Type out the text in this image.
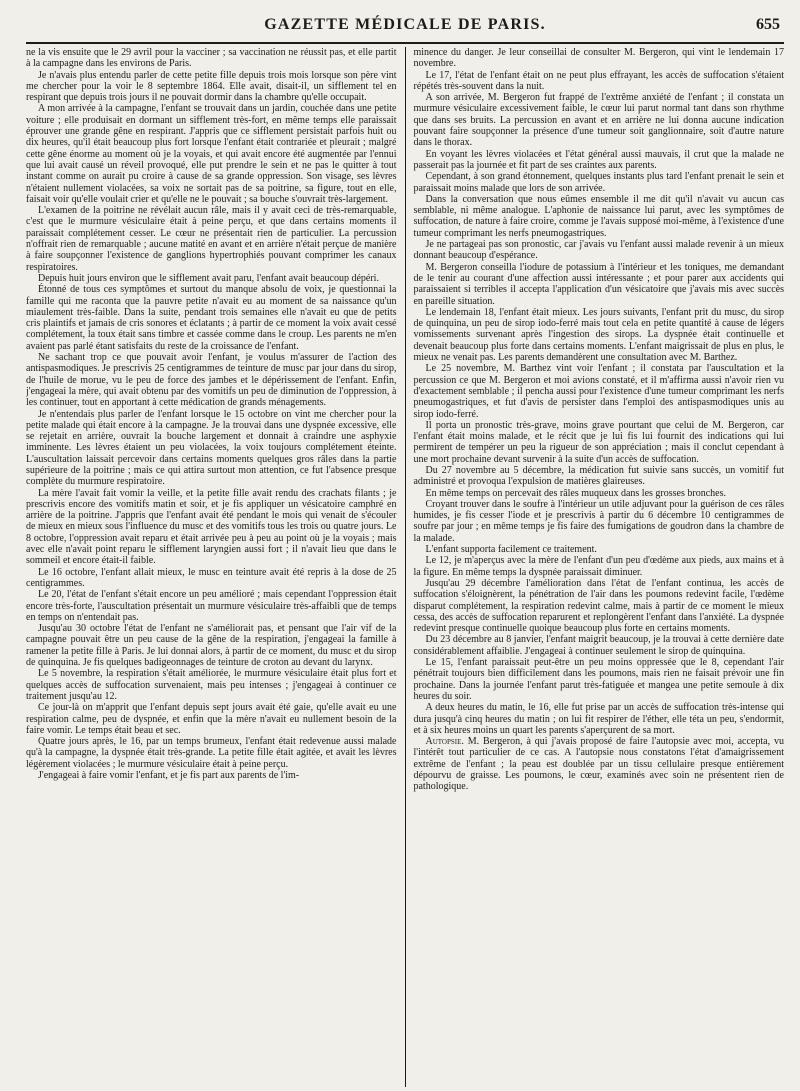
GAZETTE MÉDICALE DE PARIS.	655

ne la vis ensuite que le 29 avril pour la vacciner ; sa vaccination ne réussit pas, et elle partit à la campagne dans les environs de Paris.

Je n'avais plus entendu parler de cette petite fille depuis trois mois lorsque son père vint me chercher pour la voir le 8 septembre 1864. Elle avait, disait-il, un sifflement tel en respirant que depuis trois jours il ne pouvait dormir dans la chambre qu'elle occupait.

A mon arrivée à la campagne, l'enfant se trouvait dans un jardin, couchée dans une petite voiture ; elle produisait en dormant un sifflement très-fort, en même temps elle paraissait éprouver une grande gêne en respirant. J'appris que ce sifflement persistait parfois huit ou dix heures, qu'il était beaucoup plus fort lorsque l'enfant était contrariée et pleurait ; malgré cette gêne énorme au moment où je la voyais, et qui avait encore été augmentée par l'ennui que lui avait causé un réveil provoqué, elle put prendre le sein et ne pas le quitter à tout instant comme on aurait pu croire à cause de sa grande oppression. Son visage, ses lèvres n'étaient nullement violacées, sa voix ne sortait pas de sa poitrine, sa figure, tout en elle, faisait voir qu'elle voulait crier et qu'elle ne le pouvait ; sa bouche s'ouvrait très-largement.

L'examen de la poitrine ne révélait aucun râle, mais il y avait ceci de très-remarquable, c'est que le murmure vésiculaire était à peine perçu, et que dans certains moments il paraissait complétement cesser. Le cœur ne présentait rien de particulier. La percussion n'offrait rien de remarquable ; aucune matité en avant et en arrière n'était perçue de manière à faire soupçonner l'existence de ganglions hypertrophiés pouvant comprimer les canaux respiratoires.

Depuis huit jours environ que le sifflement avait paru, l'enfant avait beaucoup dépéri.

Étonné de tous ces symptômes et surtout du manque absolu de voix, je questionnai la famille qui me raconta que la pauvre petite n'avait eu au moment de sa naissance qu'un miaulement très-faible. Dans la suite, pendant trois semaines elle n'avait eu que de petits cris plaintifs et jamais de cris sonores et éclatants ; à partir de ce moment la voix avait cessé complétement, la toux était sans timbre et cassée comme dans le croup. Les parents ne m'en avaient pas parlé étant satisfaits du reste de la croissance de l'enfant.

Ne sachant trop ce que pouvait avoir l'enfant, je voulus m'assurer de l'action des antispasmodiques. Je prescrivis 25 centigrammes de teinture de musc par jour dans du sirop, de l'huile de morue, vu le peu de force des jambes et le dépérissement de l'enfant. Enfin, j'engageai la mère, qui avait obtenu par des vomitifs un peu de diminution de l'oppression, à les continuer, tout en apportant à cette médication de grands ménagements.

Je n'entendais plus parler de l'enfant lorsque le 15 octobre on vint me chercher pour la petite malade qui était encore à la campagne. Je la trouvai dans une dyspnée excessive, elle se rejetait en arrière, ouvrait la bouche largement et donnait à craindre une asphyxie imminente. Les lèvres étaient un peu violacées, la voix toujours complétement éteinte. L'auscultation laissait percevoir dans certains moments quelques gros râles dans la partie supérieure de la poitrine ; mais ce qui attira surtout mon attention, ce fut l'absence presque complète du murmure respiratoire.

La mère l'avait fait vomir la veille, et la petite fille avait rendu des crachats filants ; je prescrivis encore des vomitifs matin et soir, et je fis appliquer un vésicatoire camphré en arrière de la poitrine. J'appris que l'enfant avait été pendant le mois qui venait de s'écouler de mieux en mieux sous l'influence du musc et des vomitifs tous les trois ou quatre jours. Le 8 octobre, l'oppression avait reparu et était arrivée peu à peu au point où je la voyais ; mais avec elle n'avait point reparu le sifflement laryngien aussi fort ; il n'avait lieu que dans le sommeil et encore était-il faible.

Le 16 octobre, l'enfant allait mieux, le musc en teinture avait été repris à la dose de 25 centigrammes.

Le 20, l'état de l'enfant s'était encore un peu amélioré ; mais cependant l'oppression était encore très-forte, l'auscultation présentait un murmure vésiculaire très-affaibli que de temps en temps on n'entendait pas.

Jusqu'au 30 octobre l'état de l'enfant ne s'améliorait pas, et pensant que l'air vif de la campagne pouvait être un peu cause de la gêne de la respiration, j'engageai la famille à ramener la petite fille à Paris. Je lui donnai alors, à partir de ce moment, du musc et du sirop de quinquina. Je fis quelques badigeonnages de teinture de croton au devant du larynx.

Le 5 novembre, la respiration s'était améliorée, le murmure vésiculaire était plus fort et quelques accès de suffocation survenaient, mais peu intenses ; j'engageai à continuer ce traitement jusqu'au 12.

Ce jour-là on m'apprit que l'enfant depuis sept jours avait été gaie, qu'elle avait eu une respiration calme, peu de dyspnée, et enfin que la mère n'avait eu nullement besoin de la faire vomir. Le temps était beau et sec.

Quatre jours après, le 16, par un temps brumeux, l'enfant était redevenue aussi malade qu'à la campagne, la dyspnée était très-grande. La petite fille était agitée, et avait les lèvres légèrement violacées ; le murmure vésiculaire était à peine perçu.

J'engageai à faire vomir l'enfant, et je fis part aux parents de l'im-

minence du danger. Je leur conseillai de consulter M. Bergeron, qui vint le lendemain 17 novembre.

Le 17, l'état de l'enfant était on ne peut plus effrayant, les accès de suffocation s'étaient répétés très-souvent dans la nuit.

A son arrivée, M. Bergeron fut frappé de l'extrême anxiété de l'enfant ; il constata un murmure vésiculaire excessivement faible, le cœur lui parut normal tant dans son rhythme que dans ses bruits. La percussion en avant et en arrière ne lui donna aucune indication pouvant faire soupçonner la présence d'une tumeur soit ganglionnaire, soit d'autre nature dans le thorax.

En voyant les lèvres violacées et l'état général aussi mauvais, il crut que la malade ne passerait pas la journée et fit part de ses craintes aux parents.

Cependant, à son grand étonnement, quelques instants plus tard l'enfant prenait le sein et paraissait moins malade que lors de son arrivée.

Dans la conversation que nous eûmes ensemble il me dit qu'il n'avait vu aucun cas semblable, ni même analogue. L'aphonie de naissance lui parut, avec les symptômes de suffocation, de nature à faire croire, comme je l'avais supposé moi-même, à l'existence d'une tumeur comprimant les nerfs pneumogastriques.

Je ne partageai pas son pronostic, car j'avais vu l'enfant aussi malade revenir à un mieux donnant beaucoup d'espérance.

M. Bergeron conseilla l'iodure de potassium à l'intérieur et les toniques, me demandant de le tenir au courant d'une affection aussi intéressante ; et pour parer aux accidents qui paraissaient si terribles il accepta l'application d'un vésicatoire que j'avais mis avec succès en pareille situation.

Le lendemain 18, l'enfant était mieux. Les jours suivants, l'enfant prit du musc, du sirop de quinquina, un peu de sirop iodo-ferré mais tout cela en petite quantité à cause de légers vomissements survenant après l'ingestion des sirops. La dyspnée était continuelle et devenait beaucoup plus forte dans certains moments. L'enfant maigrissait de plus en plus, le mieux ne venait pas. Les parents demandèrent une consultation avec M. Barthez.

Le 25 novembre, M. Barthez vint voir l'enfant ; il constata par l'auscultation et la percussion ce que M. Bergeron et moi avions constaté, et il m'affirma aussi n'avoir rien vu d'exactement semblable ; il pencha aussi pour l'existence d'une tumeur comprimant les nerfs pneumogastriques, et fut d'avis de persister dans l'emploi des antispasmodiques unis au sirop iodo-ferré.

Il porta un pronostic très-grave, moins grave pourtant que celui de M. Bergeron, car l'enfant était moins malade, et le récit que je lui fis lui fournit des indications qui lui permirent de tempérer un peu la rigueur de son appréciation ; mais il conclut cependant à une mort prochaine devant survenir à la suite d'un accès de suffocation.

Du 27 novembre au 5 décembre, la médication fut suivie sans succès, un vomitif fut administré et provoqua l'expulsion de matières glaireuses.

En même temps on percevait des râles muqueux dans les grosses bronches.

Croyant trouver dans le soufre à l'intérieur un utile adjuvant pour la guérison de ces râles humides, je fis cesser l'iode et je prescrivis à partir du 6 décembre 10 centigrammes de soufre par jour ; en même temps je fis faire des fumigations de goudron dans la chambre de la malade.

L'enfant supporta facilement ce traitement.

Le 12, je m'aperçus avec la mère de l'enfant d'un peu d'œdème aux pieds, aux mains et à la figure. En même temps la dyspnée paraissait diminuer.

Jusqu'au 29 décembre l'amélioration dans l'état de l'enfant continua, les accès de suffocation s'éloignèrent, la pénétration de l'air dans les poumons redevint facile, l'œdème disparut complétement, la respiration redevint calme, mais à partir de ce moment le mieux cessa, des accès de suffocation reparurent et replongèrent l'enfant dans l'anxiété. La dyspnée redevint presque continuelle quoique beaucoup plus forte en certains moments.

Du 23 décembre au 8 janvier, l'enfant maigrit beaucoup, je la trouvai à cette dernière date considérablement affaiblie. J'engageai à continuer seulement le sirop de quinquina.

Le 15, l'enfant paraissait peut-être un peu moins oppressée que le 8, cependant l'air pénétrait toujours bien difficilement dans les poumons, mais rien ne faisait prévoir une fin prochaine. Dans la journée l'enfant parut très-fatiguée et mangea une petite semoule à dix heures du soir.

A deux heures du matin, le 16, elle fut prise par un accès de suffocation très-intense qui dura jusqu'à cinq heures du matin ; on lui fit respirer de l'éther, elle téta un peu, s'endormit, et à six heures moins un quart les parents s'aperçurent de sa mort.

Autopsie. M. Bergeron, à qui j'avais proposé de faire l'autopsie avec moi, accepta, vu l'intérêt tout particulier de ce cas. A l'autopsie nous constatons l'état d'amaigrissement extrême de l'enfant ; la peau est doublée par un tissu cellulaire presque entièrement dépourvu de graisse. Les poumons, le cœur, examinés avec soin ne présentent rien de pathologique.
